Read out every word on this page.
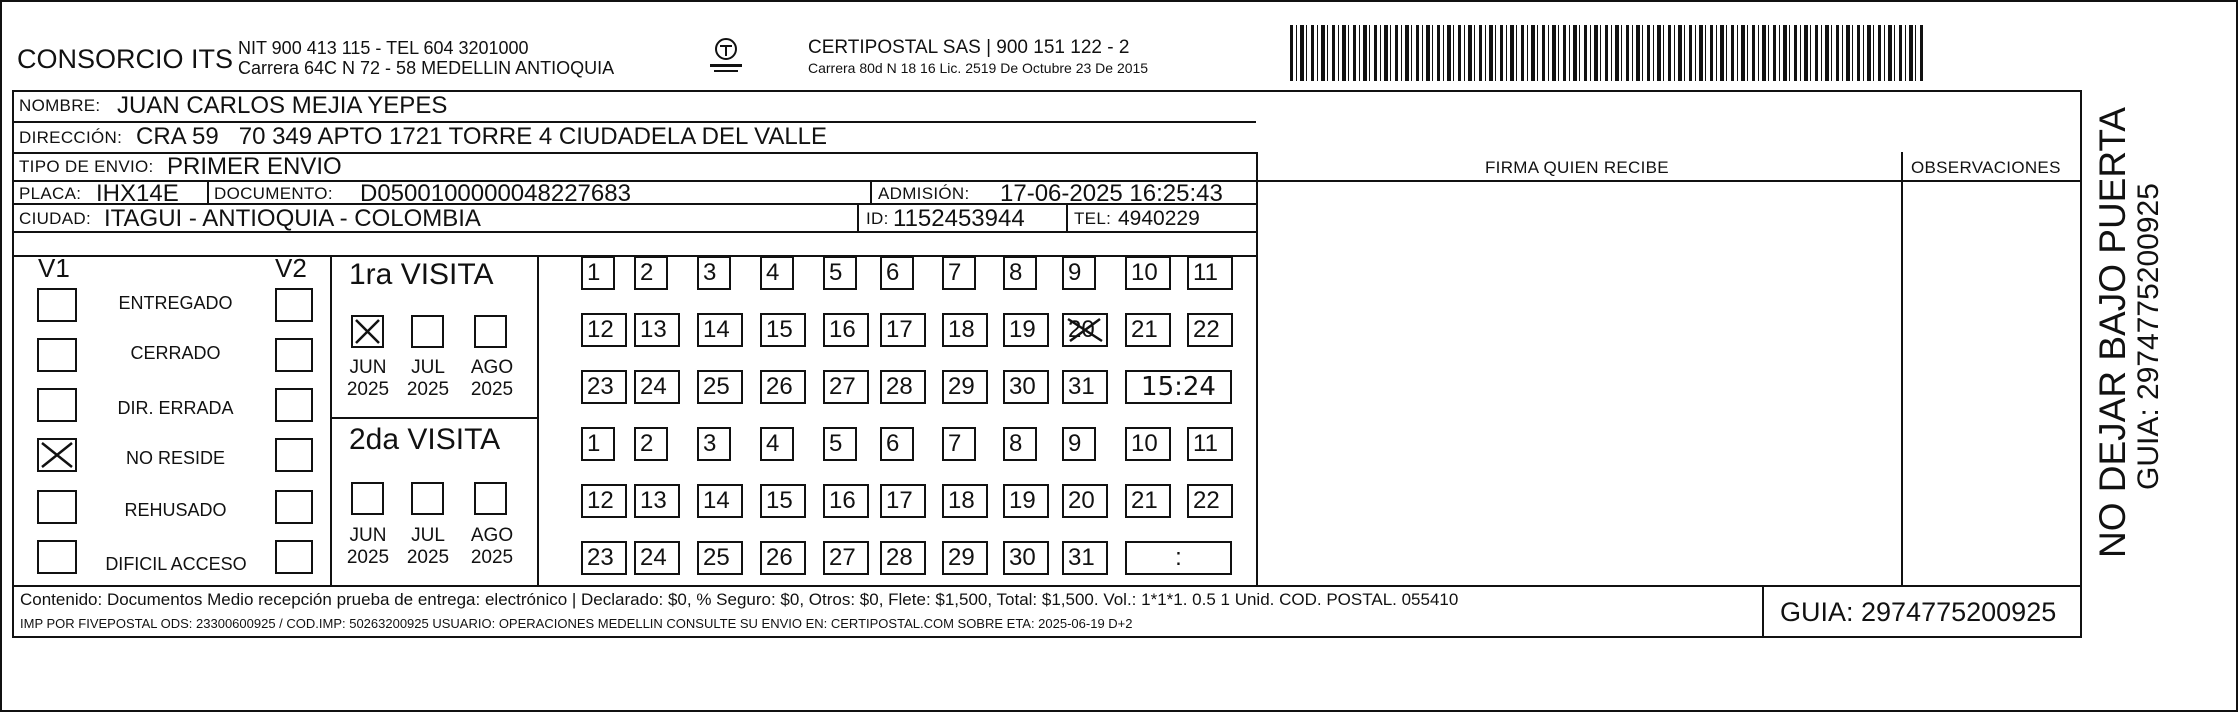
CONSORCIO ITS NIT 900 413 115 - TEL 604 3201000
Carrera 64C N 72 - 58 MEDELLIN ANTIOQUIA
CERTIPOSTAL SAS | 900 151 122 - 2
Carrera 80d N 18 16 Lic. 2519 De Octubre 23 De 2015
NOMBRE: JUAN CARLOS MEJIA YEPES
DIRECCIÓN: CRA 59   70 349 APTO 1721 TORRE 4 CIUDADELA DEL VALLE
TIPO DE ENVIO: PRIMER ENVIO	FIRMA QUIEN RECIBE	OBSERVACIONES
PLACA: IHX14E DOCUMENTO: D0500100000048227683	ADMISIÓN: 17-06-2025 16:25:43
CIUDAD: ITAGUI - ANTIOQUIA - COLOMBIA	ID: 1152453944	TEL: 4940229
V1	V2
ENTREGADO
CERRADO
DIR. ERRADA
NO RESIDE
REHUSADO
DIFICIL ACCESO
1ra VISITA
2da VISITA
JUN
2025
JUL
2025
AGO
2025
JUN
2025
JUL
2025
AGO
2025
1	2	3	4	5	6	7	8	9	10	11
12	13	14	15	16	17	18	19	20	21	22
23	24	25	26	27	28	29	30	31	15:24
1	2	3	4	5	6	7	8	9	10	11
12	13	14	15	16	17	18	19	20	21	22
23	24	25	26	27	28	29	30	31	:
Contenido: Documentos Medio recepción prueba de entrega: electrónico | Declarado: $0, % Seguro: $0, Otros: $0, Flete: $1,500, Total: $1,500. Vol.: 1*1*1. 0.5 1 Unid. COD. POSTAL. 055410
IMP POR FIVEPOSTAL ODS: 23300600925 / COD.IMP: 50263200925 USUARIO: OPERACIONES MEDELLIN CONSULTE SU ENVIO EN: CERTIPOSTAL.COM SOBRE ETA: 2025-06-19 D+2	GUIA: 2974775200925
NO DEJAR BAJO PUERTA GUIA: 2974775200925
